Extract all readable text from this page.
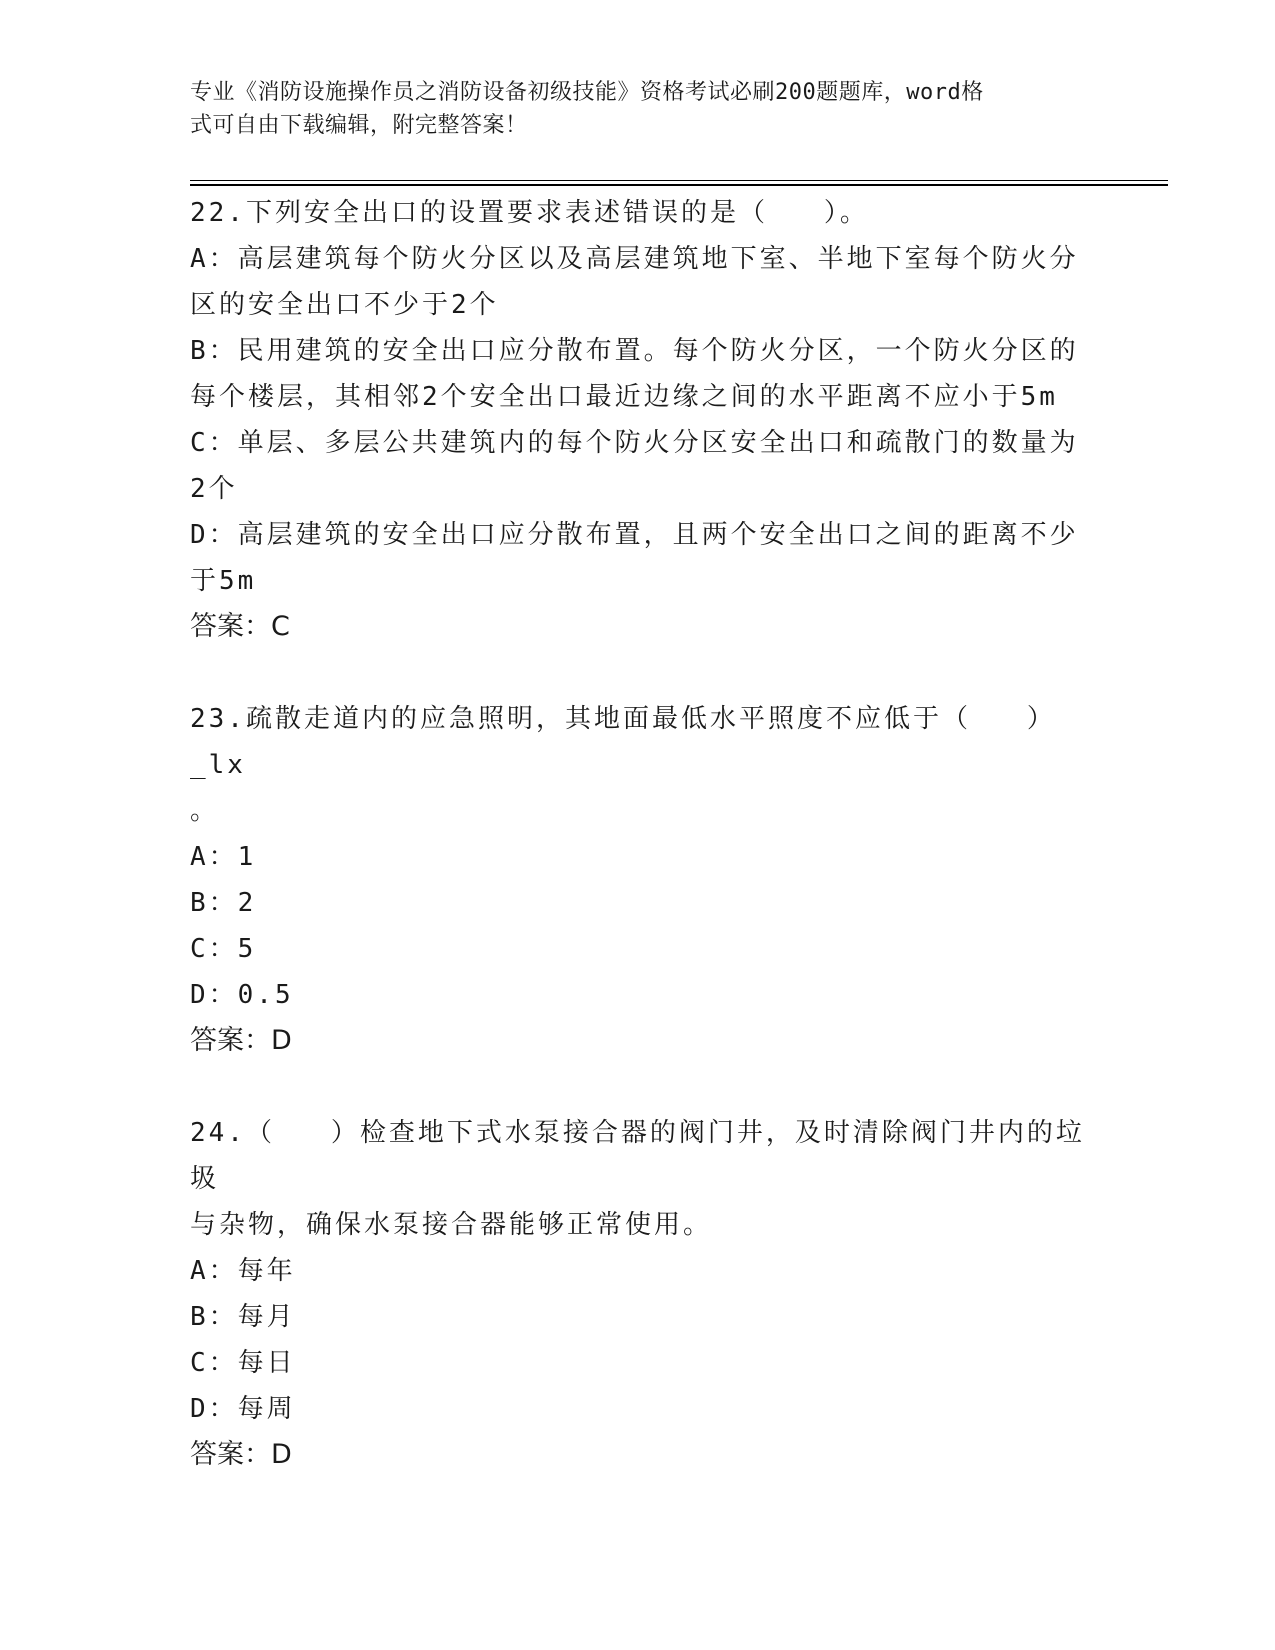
专业《消防设施操作员之消防设备初级技能》资格考试必刷200题题库，word格
式可自由下载编辑，附完整答案！
22.下列安全出口的设置要求表述错误的是（   ）。
A：高层建筑每个防火分区以及高层建筑地下室、半地下室每个防火分
区的安全出口不少于2个
B：民用建筑的安全出口应分散布置。每个防火分区，一个防火分区的
每个楼层，其相邻2个安全出口最近边缘之间的水平距离不应小于5m
C：单层、多层公共建筑内的每个防火分区安全出口和疏散门的数量为
2个
D：高层建筑的安全出口应分散布置，且两个安全出口之间的距离不少
于5m
答案：C
23.疏散走道内的应急照明，其地面最低水平照度不应低于（   ）_lx
。
A：1
B：2
C：5
D：0.5
答案：D
24.（   ）检查地下式水泵接合器的阀门井，及时清除阀门井内的垃圾
与杂物，确保水泵接合器能够正常使用。
A：每年
B：每月
C：每日
D：每周
答案：D
